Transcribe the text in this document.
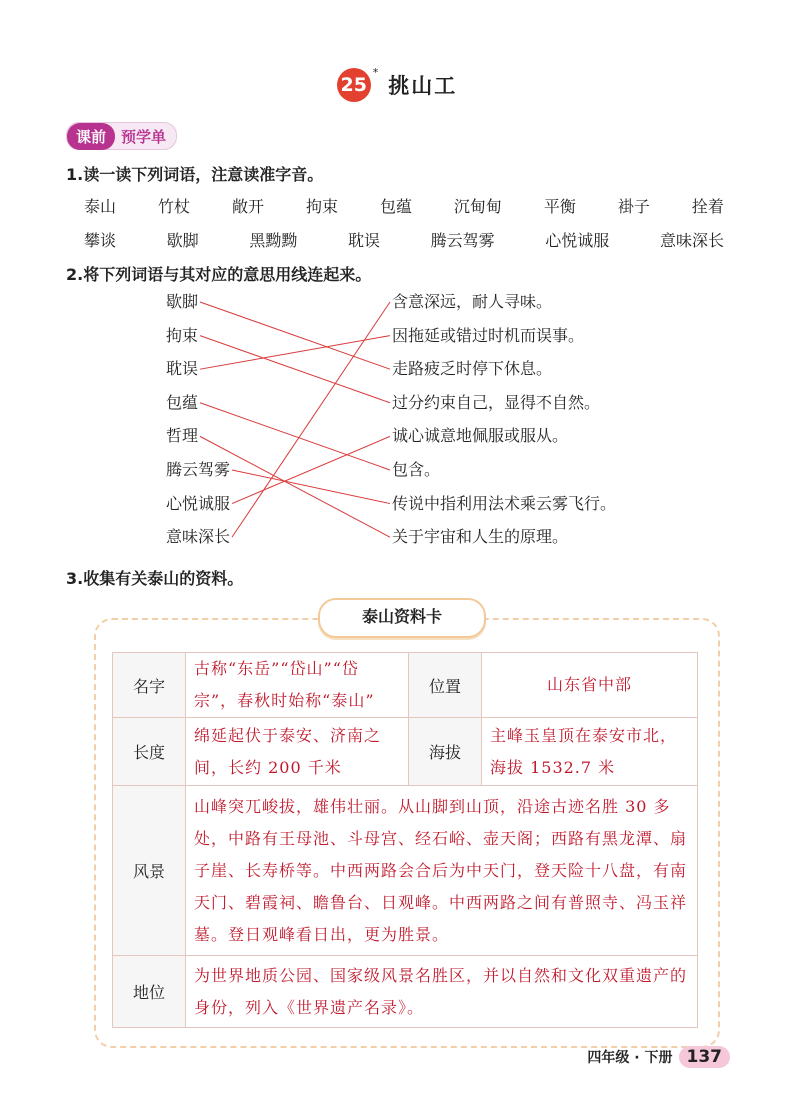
25*挑山工
课前	预学单
1.读一读下列词语，注意读准字音。
泰山	竹杖	敞开	拘束	包蕴	沉甸甸	平衡	褂子	拴着
攀谈	歇脚	黑黝黝	耽误	腾云驾雾	心悦诚服	意味深长
2.将下列词语与其对应的意思用线连起来。
歇脚
拘束
耽误
包蕴
哲理
腾云驾雾
心悦诚服
意味深长
含意深远，耐人寻味。
因拖延或错过时机而误事。
走路疲乏时停下休息。
过分约束自己，显得不自然。
诚心诚意地佩服或服从。
包含。
传说中指利用法术乘云雾飞行。
关于宇宙和人生的原理。
3.收集有关泰山的资料。
泰山资料卡
名字	古称“东岳”“岱山”“岱宗”，春秋时始称“泰山”	位置	山东省中部
长度	绵延起伏于泰安、济南之间，长约 200 千米	海拔	主峰玉皇顶在泰安市北，海拔 1532.7 米
风景	山峰突兀峻拔，雄伟壮丽。从山脚到山顶，沿途古迹名胜 30 多处，中路有王母池、斗母宫、经石峪、壶天阁；西路有黑龙潭、扇子崖、长寿桥等。中西两路会合后为中天门，登天险十八盘，有南天门、碧霞祠、瞻鲁台、日观峰。中西两路之间有普照寺、冯玉祥墓。登日观峰看日出，更为胜景。		
地位	为世界地质公园、国家级风景名胜区，并以自然和文化双重遗产的身份，列入《世界遗产名录》。		
四年级 · 下册 137
